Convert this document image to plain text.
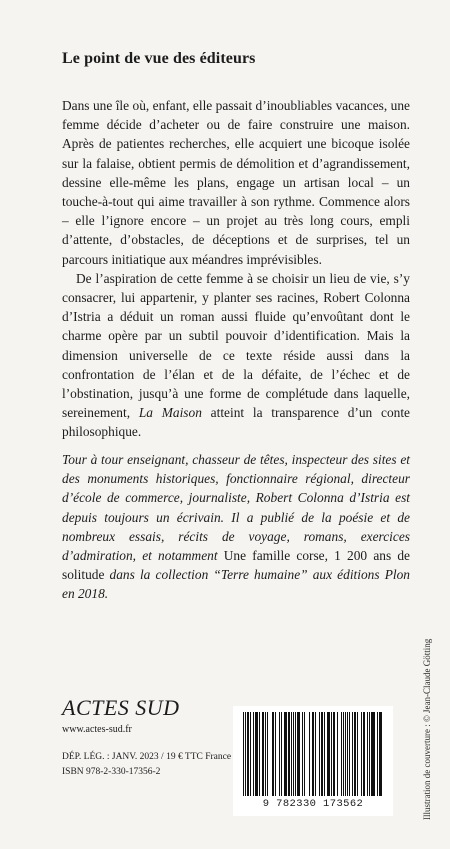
Le point de vue des éditeurs

Dans une île où, enfant, elle passait d’inoubliables vacances, une femme décide d’acheter ou de faire construire une maison. Après de patientes recherches, elle acquiert une bicoque isolée sur la falaise, obtient permis de démolition et d’agrandissement, dessine elle-même les plans, engage un artisan local – un touche-à-tout qui aime travailler à son rythme. Commence alors – elle l’ignore encore – un projet au très long cours, empli d’attente, d’obstacles, de déceptions et de surprises, tel un parcours initiatique aux méandres imprévisibles.

De l’aspiration de cette femme à se choisir un lieu de vie, s’y consacrer, lui appartenir, y planter ses racines, Robert Colonna d’Istria a déduit un roman aussi fluide qu’envoûtant dont le charme opère par un subtil pouvoir d’identification. Mais la dimension universelle de ce texte réside aussi dans la confrontation de l’élan et de la défaite, de l’échec et de l’obstination, jusqu’à une forme de complétude dans laquelle, sereinement, La Maison atteint la transparence d’un conte philosophique.

Tour à tour enseignant, chasseur de têtes, inspecteur des sites et des monuments historiques, fonctionnaire régional, directeur d’école de commerce, journaliste, Robert Colonna d’Istria est depuis toujours un écrivain. Il a publié de la poésie et de nombreux essais, récits de voyage, romans, exercices d’admiration, et notamment Une famille corse, 1 200 ans de solitude dans la collection “Terre humaine” aux éditions Plon en 2018.
ACTES SUD
www.actes-sud.fr
DÉP. LÉG. : JANV. 2023 / 19 € TTC France
ISBN 978-2-330-17356-2
9 782330 173562	Illustration de couverture : © Jean-Claude Götting
